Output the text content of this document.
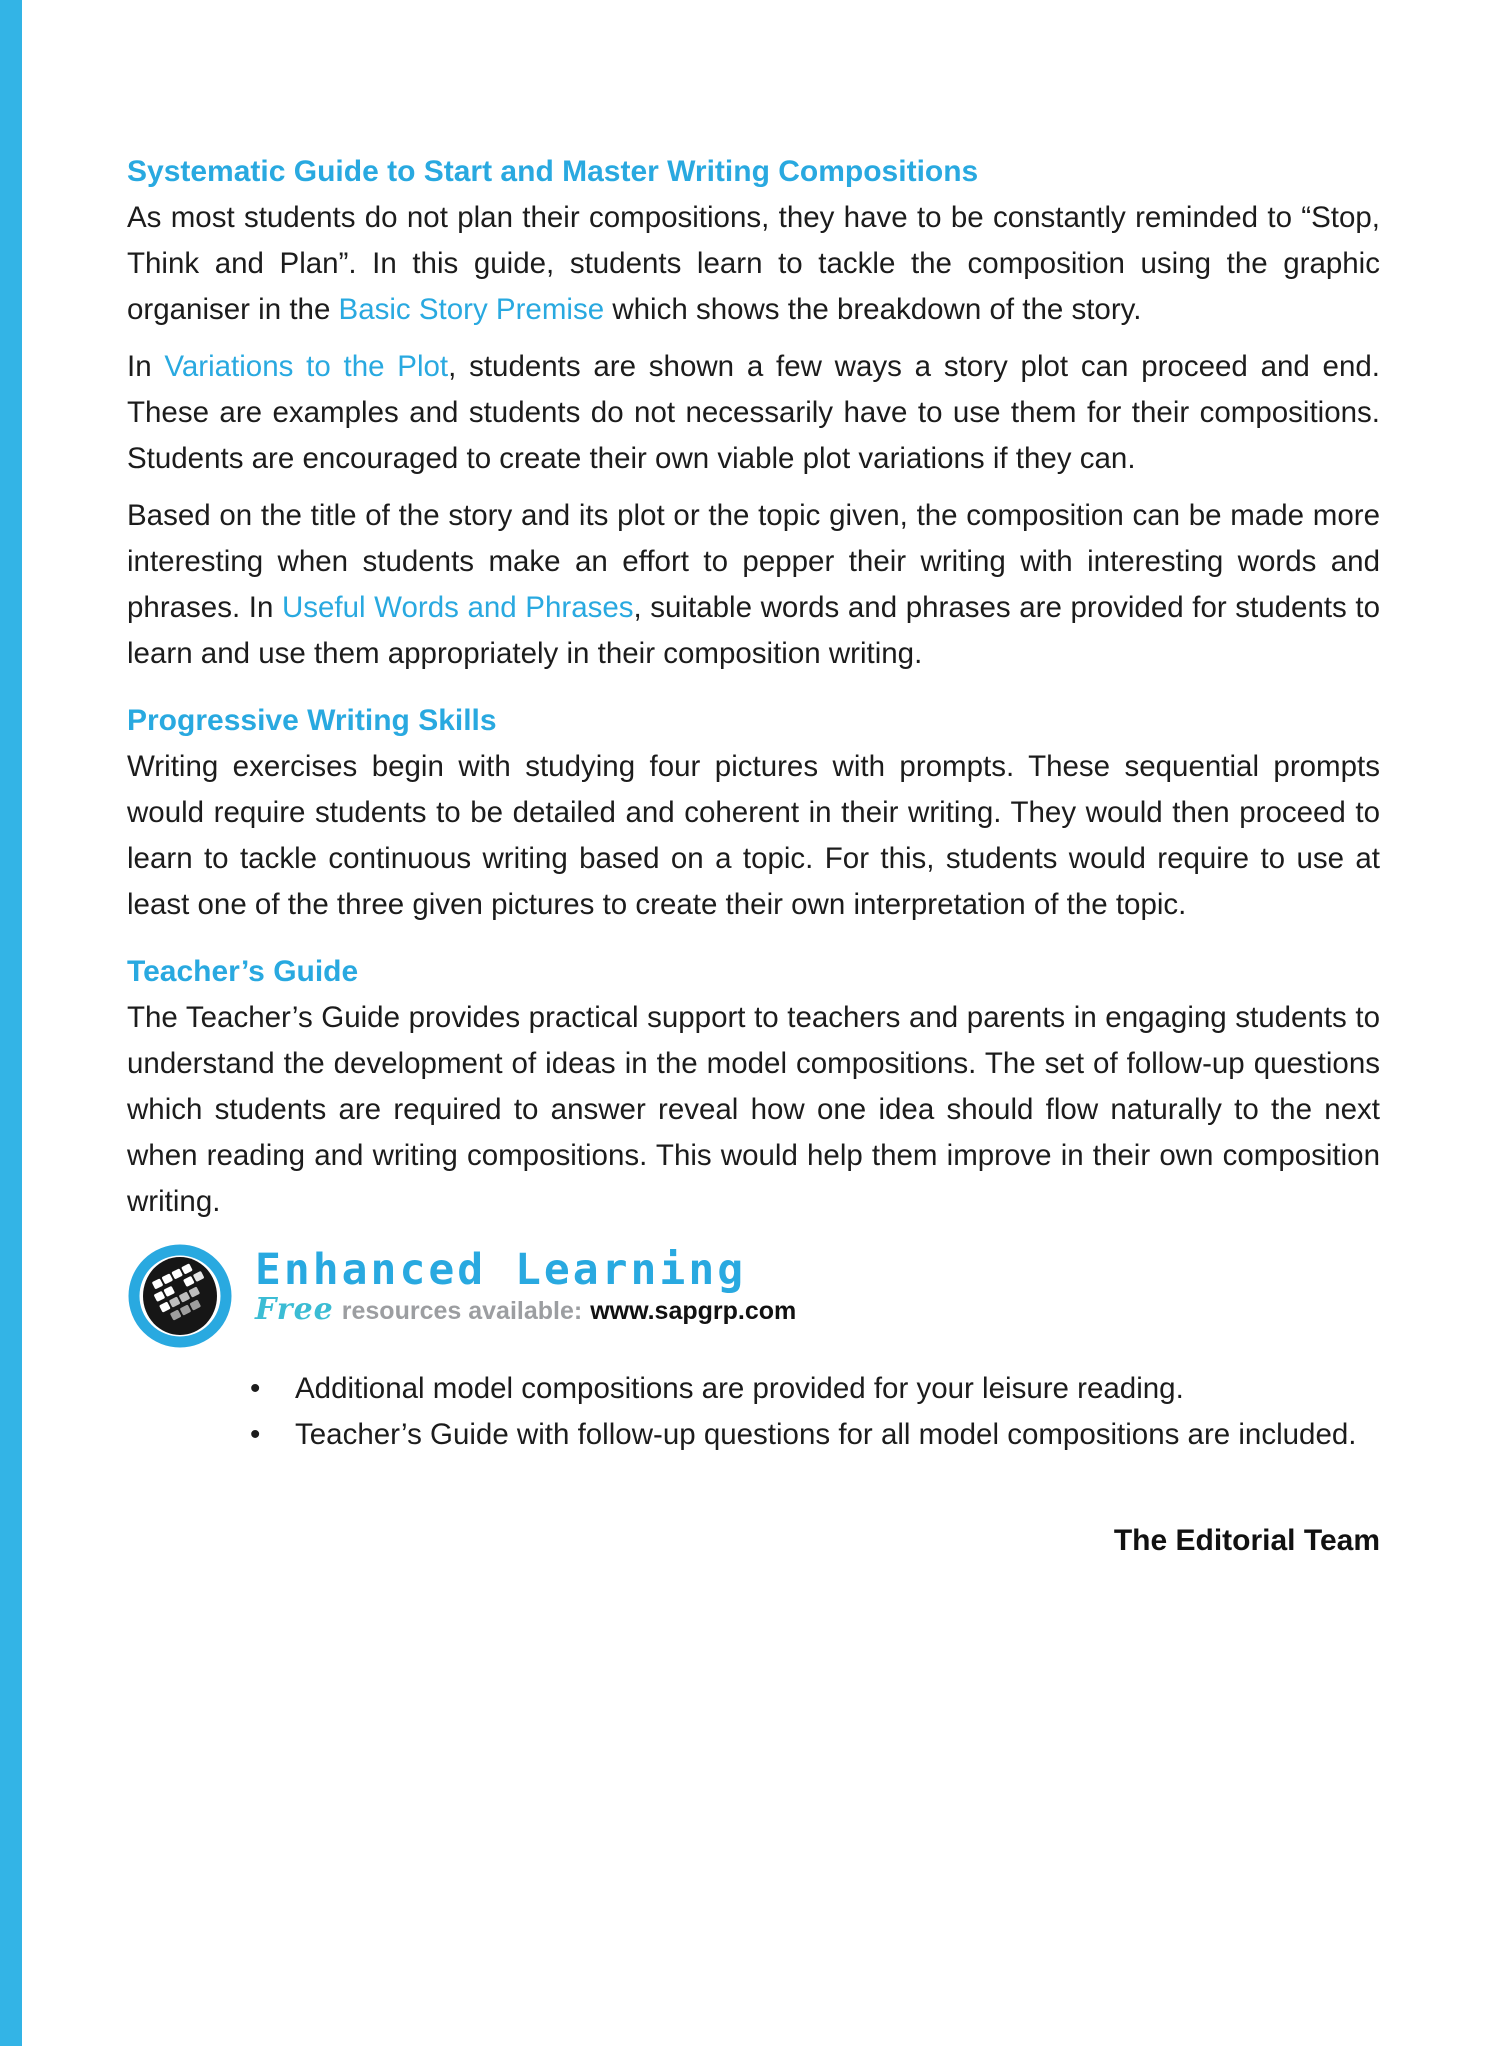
Systematic Guide to Start and Master Writing Compositions

As most students do not plan their compositions, they have to be constantly reminded to “Stop, Think and Plan”. In this guide, students learn to tackle the composition using the graphic organiser in the Basic Story Premise which shows the breakdown of the story.

In Variations to the Plot, students are shown a few ways a story plot can proceed and end. These are examples and students do not necessarily have to use them for their compositions. Students are encouraged to create their own viable plot variations if they can.

Based on the title of the story and its plot or the topic given, the composition can be made more interesting when students make an effort to pepper their writing with interesting words and phrases. In Useful Words and Phrases, suitable words and phrases are provided for students to learn and use them appropriately in their composition writing.

Progressive Writing Skills

Writing exercises begin with studying four pictures with prompts. These sequential prompts would require students to be detailed and coherent in their writing. They would then proceed to learn to tackle continuous writing based on a topic. For this, students would require to use at least one of the three given pictures to create their own interpretation of the topic.

Teacher’s Guide

The Teacher’s Guide provides practical support to teachers and parents in engaging students to understand the development of ideas in the model compositions. The set of follow-up questions which students are required to answer reveal how one idea should flow naturally to the next when reading and writing compositions. This would help them improve in their own composition writing.

Enhanced Learning
Free resources available: www.sapgrp.com
•	Additional model compositions are provided for your leisure reading.
•	Teacher’s Guide with follow-up questions for all model compositions are included.
The Editorial Team
